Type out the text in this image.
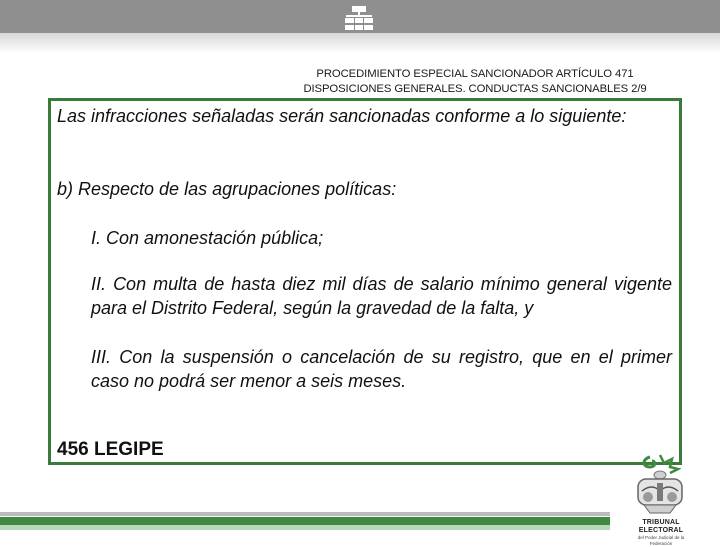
PROCEDIMIENTO ESPECIAL SANCIONADOR ARTÍCULO 471
DISPOSICIONES GENERALES. CONDUCTAS SANCIONABLES 2/9
Las infracciones señaladas serán sancionadas conforme a lo siguiente:
b) Respecto de las agrupaciones políticas:
I. Con amonestación pública;
II. Con multa de hasta diez mil días de salario mínimo general vigente para el Distrito Federal, según la gravedad de la falta, y
III. Con la suspensión o cancelación de su registro, que en el primer caso no podrá ser menor a seis meses.
456 LEGIPE
TRIBUNAL ELECTORAL
del Poder Judicial de la Federación
